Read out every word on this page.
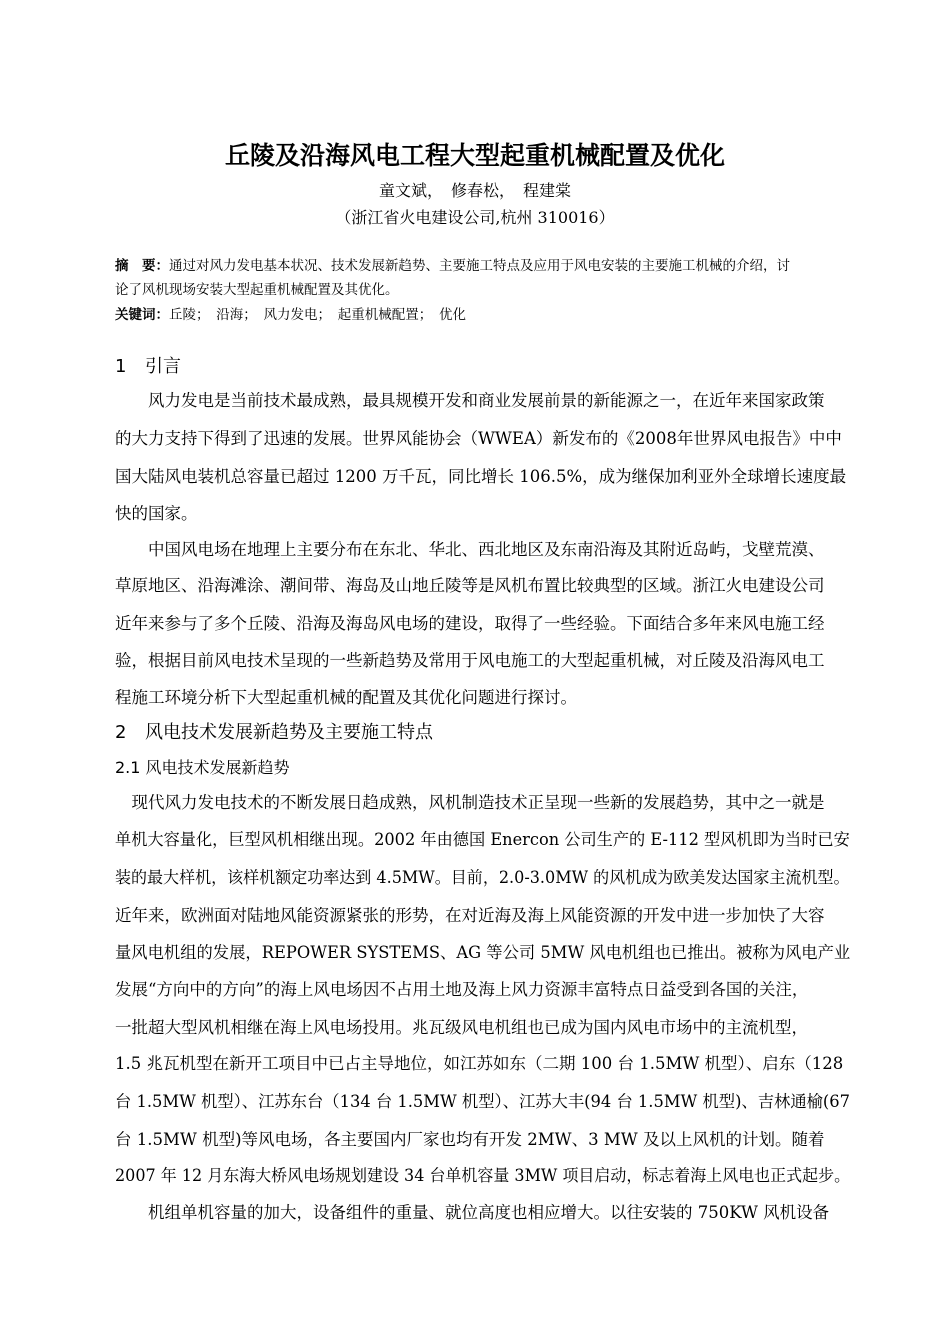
丘陵及沿海风电工程大型起重机械配置及优化
童文斌，　修春松，　程建棠
（浙江省火电建设公司,杭州 310016）
摘　要：通过对风力发电基本状况、技术发展新趋势、主要施工特点及应用于风电安装的主要施工机械的介绍，讨
论了风机现场安装大型起重机械配置及其优化。
关键词：丘陵；　沿海；　风力发电；　起重机械配置；　优化
1 引言
　　风力发电是当前技术最成熟，最具规模开发和商业发展前景的新能源之一，在近年来国家政策
的大力支持下得到了迅速的发展。世界风能协会（WWEA）新发布的《2008年世界风电报告》中中
国大陆风电装机总容量已超过 1200 万千瓦，同比增长 106.5%，成为继保加利亚外全球增长速度最
快的国家。
　　中国风电场在地理上主要分布在东北、华北、西北地区及东南沿海及其附近岛屿，戈壁荒漠、
草原地区、沿海滩涂、潮间带、海岛及山地丘陵等是风机布置比较典型的区域。浙江火电建设公司
近年来参与了多个丘陵、沿海及海岛风电场的建设，取得了一些经验。下面结合多年来风电施工经
验，根据目前风电技术呈现的一些新趋势及常用于风电施工的大型起重机械，对丘陵及沿海风电工
程施工环境分析下大型起重机械的配置及其优化问题进行探讨。
2 风电技术发展新趋势及主要施工特点
2.1 风电技术发展新趋势
　现代风力发电技术的不断发展日趋成熟，风机制造技术正呈现一些新的发展趋势，其中之一就是
单机大容量化，巨型风机相继出现。2002 年由德国 Enercon 公司生产的 E-112 型风机即为当时已安
装的最大样机，该样机额定功率达到 4.5MW。目前，2.0-3.0MW 的风机成为欧美发达国家主流机型。
近年来，欧洲面对陆地风能资源紧张的形势，在对近海及海上风能资源的开发中进一步加快了大容
量风电机组的发展，REPOWER SYSTEMS、AG 等公司 5MW 风电机组也已推出。被称为风电产业
发展“方向中的方向”的海上风电场因不占用土地及海上风力资源丰富特点日益受到各国的关注，
一批超大型风机相继在海上风电场投用。兆瓦级风电机组也已成为国内风电市场中的主流机型，
1.5 兆瓦机型在新开工项目中已占主导地位，如江苏如东（二期 100 台 1.5MW 机型）、启东（128
台 1.5MW 机型）、江苏东台（134 台 1.5MW 机型）、江苏大丰(94 台 1.5MW 机型)、吉林通榆(67
台 1.5MW 机型)等风电场，各主要国内厂家也均有开发 2MW、3 MW 及以上风机的计划。随着
2007 年 12 月东海大桥风电场规划建设 34 台单机容量 3MW 项目启动，标志着海上风电也正式起步。
　　机组单机容量的加大，设备组件的重量、就位高度也相应增大。以往安装的 750KW 风机设备
